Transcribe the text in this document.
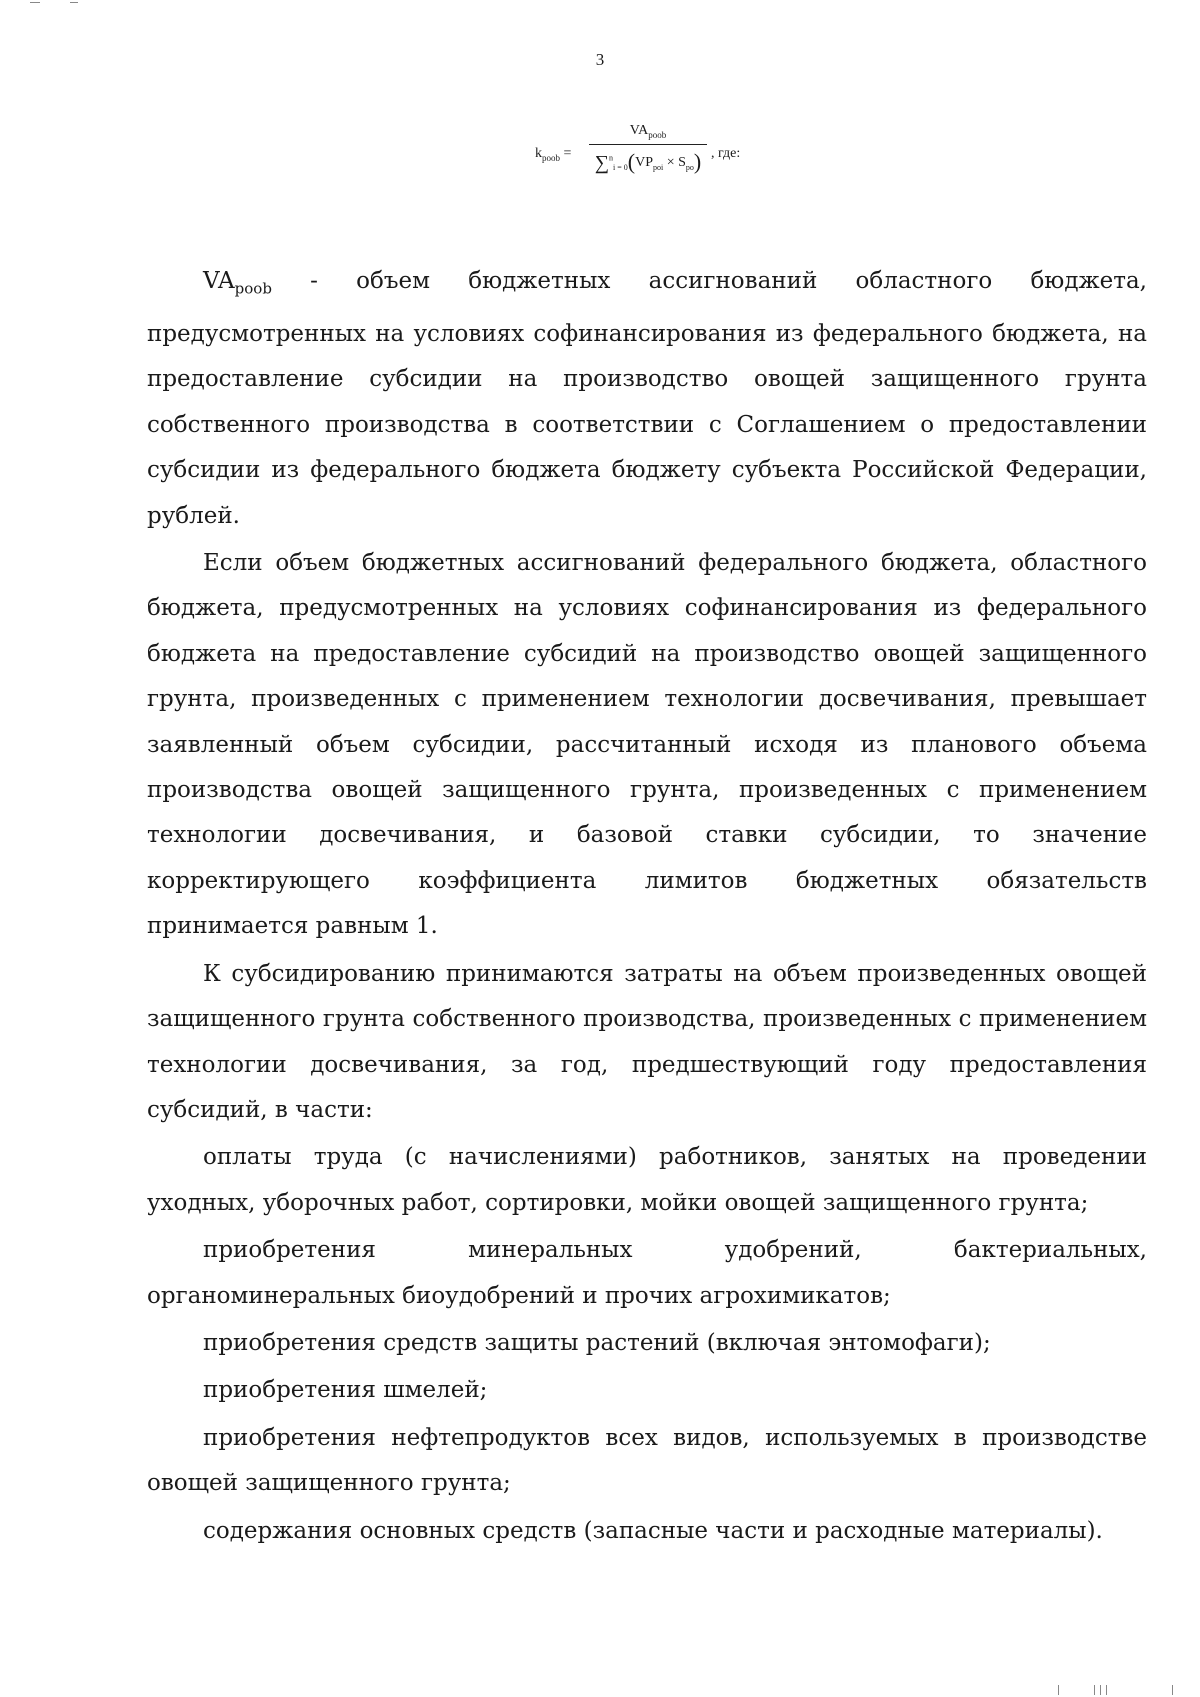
3
$k_{poob}$ =
$VA_{poob}$
$\sum^n_{i = 0}(VP_{poi} \times S_{po})$ , где:

$VA_{poob}$ - объем бюджетных ассигнований областного бюджета, предусмотренных на условиях софинансирования из федерального бюджета, на предоставление субсидии на производство овощей защищенного грунта собственного производства в соответствии с Соглашением о предоставлении субсидии из федерального бюджета бюджету субъекта Российской Федерации, рублей.

Если объем бюджетных ассигнований федерального бюджета, областного бюджета, предусмотренных на условиях софинансирования из федерального бюджета на предоставление субсидий на производство овощей защищенного грунта, произведенных с применением технологии досвечивания, превышает заявленный объем субсидии, рассчитанный исходя из планового объема производства овощей защищенного грунта, произведенных с применением технологии досвечивания, и базовой ставки субсидии, то значение корректирующего коэффициента лимитов бюджетных обязательств принимается равным 1.

К субсидированию принимаются затраты на объем произведенных овощей защищенного грунта собственного производства, произведенных с применением технологии досвечивания, за год, предшествующий году предоставления субсидий, в части:

оплаты труда (с начислениями) работников, занятых на проведении уходных, уборочных работ, сортировки, мойки овощей защищенного грунта;

приобретения минеральных удобрений, бактериальных, органоминеральных биоудобрений и прочих агрохимикатов;

приобретения средств защиты растений (включая энтомофаги);

приобретения шмелей;

приобретения нефтепродуктов всех видов, используемых в производстве овощей защищенного грунта;

содержания основных средств (запасные части и расходные материалы).
